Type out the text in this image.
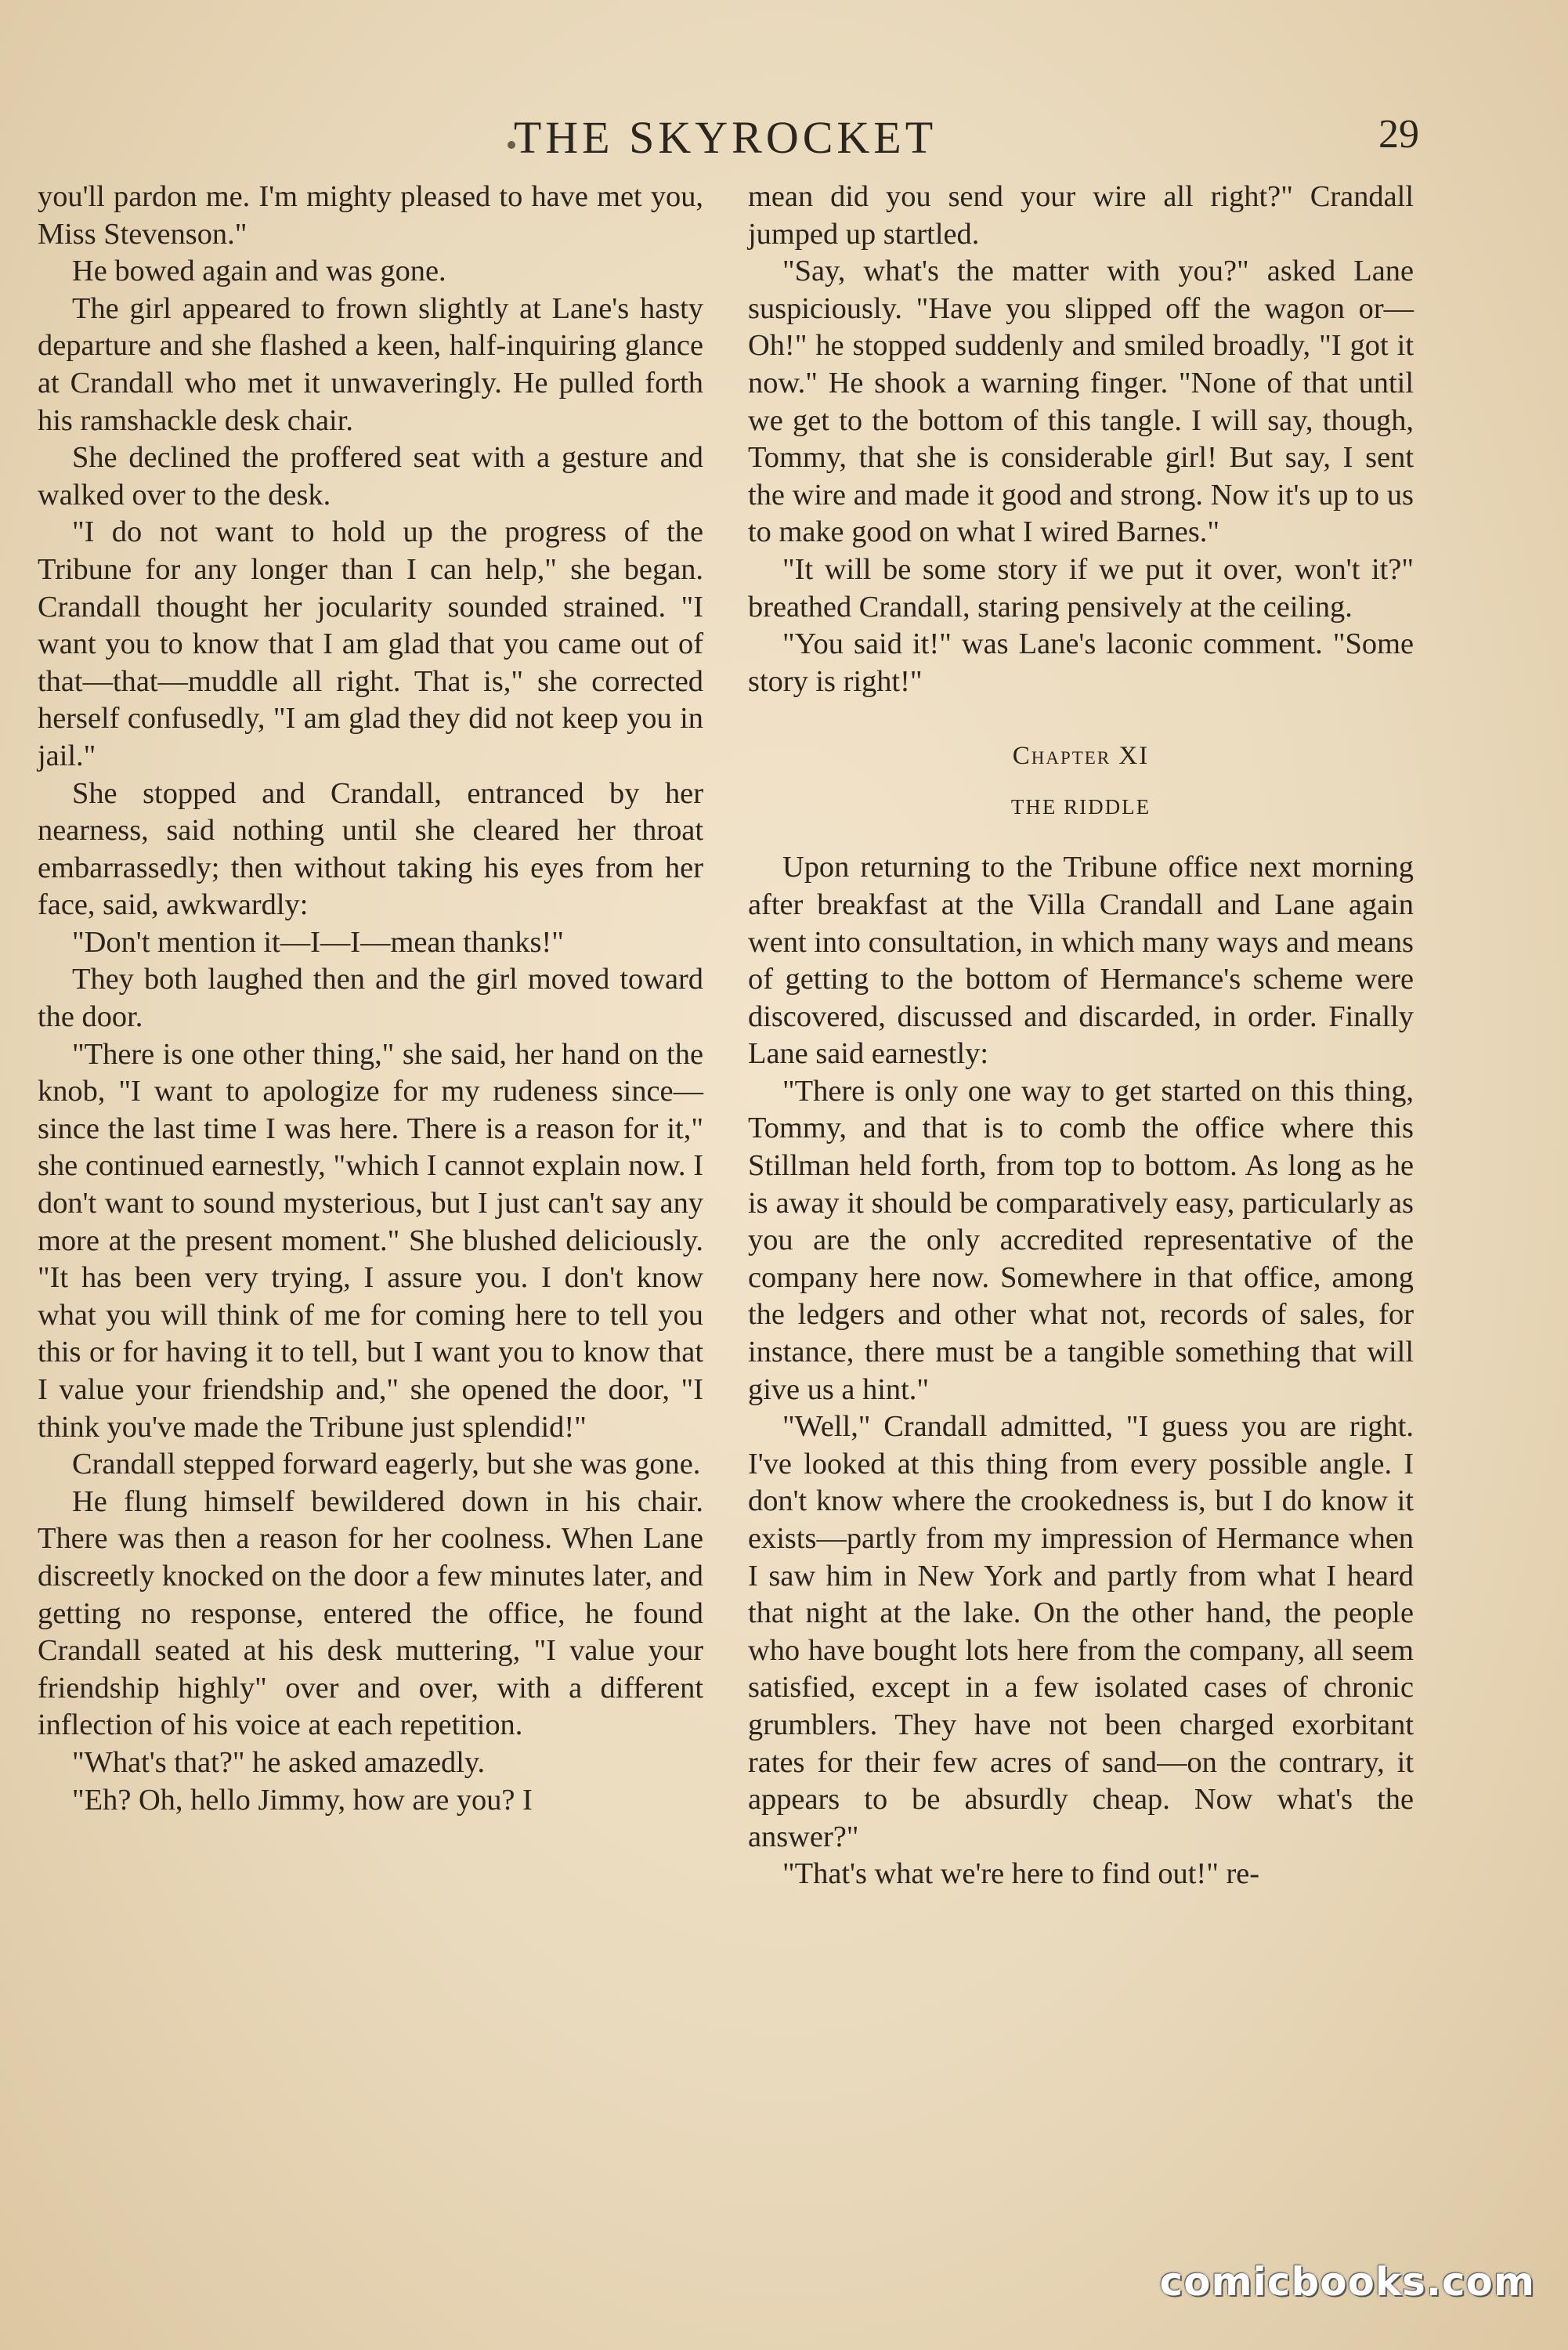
THE SKYROCKET	29

you'll pardon me. I'm mighty pleased to have met you, Miss Stevenson."

He bowed again and was gone.

The girl appeared to frown slightly at Lane's hasty departure and she flashed a keen, half-inquiring glance at Crandall who met it unwaveringly. He pulled forth his ramshackle desk chair.

She declined the proffered seat with a gesture and walked over to the desk.

"I do not want to hold up the progress of the Tribune for any longer than I can help," she began. Crandall thought her jocularity sounded strained. "I want you to know that I am glad that you came out of that—that—muddle all right. That is," she corrected herself confusedly, "I am glad they did not keep you in jail."

She stopped and Crandall, entranced by her nearness, said nothing until she cleared her throat embarrassedly; then without taking his eyes from her face, said, awkwardly:

"Don't mention it—I—I—mean thanks!"

They both laughed then and the girl moved toward the door.

"There is one other thing," she said, her hand on the knob, "I want to apologize for my rudeness since—since the last time I was here. There is a reason for it," she continued earnestly, "which I cannot explain now. I don't want to sound mysterious, but I just can't say any more at the present moment." She blushed deliciously. "It has been very trying, I assure you. I don't know what you will think of me for coming here to tell you this or for having it to tell, but I want you to know that I value your friendship and," she opened the door, "I think you've made the Tribune just splendid!"

Crandall stepped forward eagerly, but she was gone.

He flung himself bewildered down in his chair. There was then a reason for her coolness. When Lane discreetly knocked on the door a few minutes later, and getting no response, entered the office, he found Crandall seated at his desk muttering, "I value your friendship highly" over and over, with a different inflection of his voice at each repetition.

"What's that?" he asked amazedly.

"Eh? Oh, hello Jimmy, how are you? I

mean did you send your wire all right?" Crandall jumped up startled.

"Say, what's the matter with you?" asked Lane suspiciously. "Have you slipped off the wagon or—Oh!" he stopped suddenly and smiled broadly, "I got it now." He shook a warning finger. "None of that until we get to the bottom of this tangle. I will say, though, Tommy, that she is considerable girl! But say, I sent the wire and made it good and strong. Now it's up to us to make good on what I wired Barnes."

"It will be some story if we put it over, won't it?" breathed Crandall, staring pensively at the ceiling.

"You said it!" was Lane's laconic comment. "Some story is right!"

Chapter XI
THE RIDDLE

Upon returning to the Tribune office next morning after breakfast at the Villa Crandall and Lane again went into consultation, in which many ways and means of getting to the bottom of Hermance's scheme were discovered, discussed and discarded, in order. Finally Lane said earnestly:

"There is only one way to get started on this thing, Tommy, and that is to comb the office where this Stillman held forth, from top to bottom. As long as he is away it should be comparatively easy, particularly as you are the only accredited representative of the company here now. Somewhere in that office, among the ledgers and other what not, records of sales, for instance, there must be a tangible something that will give us a hint."

"Well," Crandall admitted, "I guess you are right. I've looked at this thing from every possible angle. I don't know where the crookedness is, but I do know it exists—partly from my impression of Hermance when I saw him in New York and partly from what I heard that night at the lake. On the other hand, the people who have bought lots here from the company, all seem satisfied, except in a few isolated cases of chronic grumblers. They have not been charged exorbitant rates for their few acres of sand—on the contrary, it appears to be absurdly cheap. Now what's the answer?"

"That's what we're here to find out!" re-

comicbooks.com
